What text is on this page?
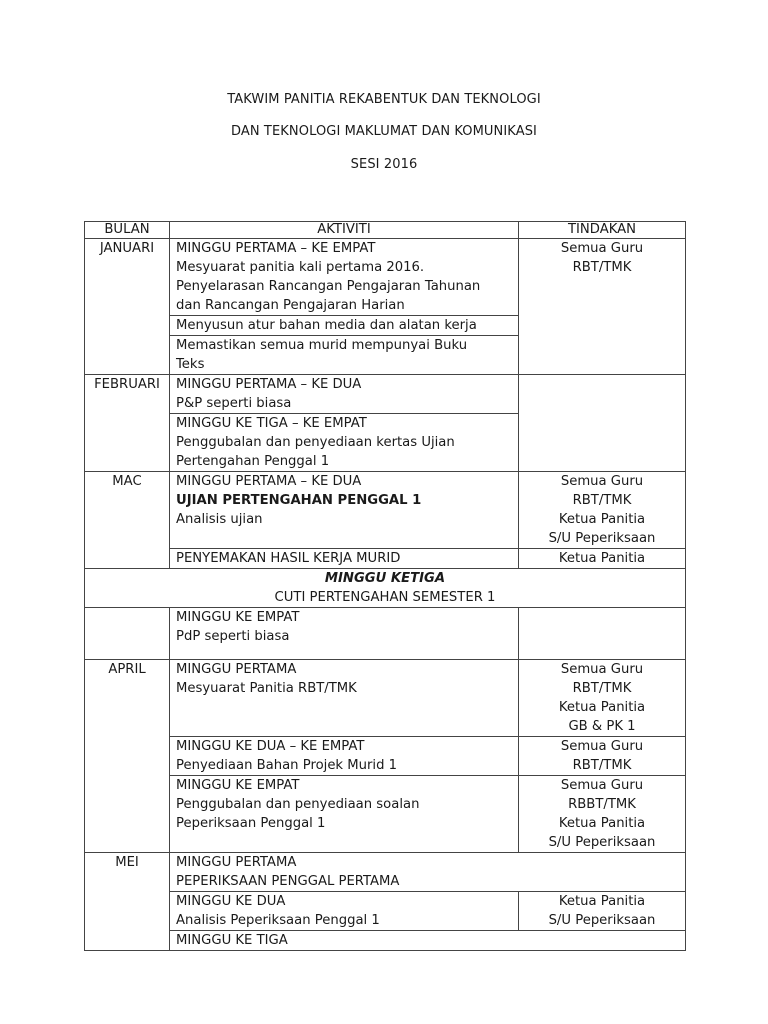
TAKWIM PANITIA REKABENTUK DAN TEKNOLOGI
DAN TEKNOLOGI MAKLUMAT DAN KOMUNIKASI
SESI 2016
BULAN	AKTIVITI	TINDAKAN
JANUARI	MINGGU PERTAMA – KE EMPAT
Mesyuarat panitia kali pertama 2016.
Penyelarasan Rancangan Pengajaran Tahunan
dan Rancangan Pengajaran Harian	Semua Guru
RBT/TMK

	Menyusun atur bahan media dan alatan kerja	

	Memastikan semua murid mempunyai Buku
Teks	

FEBRUARI	MINGGU PERTAMA – KE DUA
P&P seperti biasa	

	MINGGU KE TIGA – KE EMPAT
Penggubalan dan penyediaan kertas Ujian
Pertengahan Penggal 1	

MAC	MINGGU PERTAMA – KE DUA
UJIAN PERTENGAHAN PENGGAL 1
Analisis ujian	Semua Guru
RBT/TMK
Ketua Panitia
S/U Peperiksaan

	PENYEMAKAN HASIL KERJA MURID	Ketua Panitia

MINGGU KETIGA
CUTI PERTENGAHAN SEMESTER 1		

	MINGGU KE EMPAT
PdP seperti biasa	

APRIL	MINGGU PERTAMA
Mesyuarat Panitia RBT/TMK	Semua Guru
RBT/TMK
Ketua Panitia
GB & PK 1

	MINGGU KE DUA – KE EMPAT
Penyediaan Bahan Projek Murid 1	Semua Guru
RBT/TMK

	MINGGU KE EMPAT
Penggubalan dan penyediaan soalan
Peperiksaan Penggal 1	Semua Guru
RBBT/TMK
Ketua Panitia
S/U Peperiksaan

MEI	MINGGU PERTAMA
PEPERIKSAAN PENGGAL PERTAMA	

	MINGGU KE DUA
Analisis Peperiksaan Penggal 1	Ketua Panitia
S/U Peperiksaan

	MINGGU KE TIGA	
